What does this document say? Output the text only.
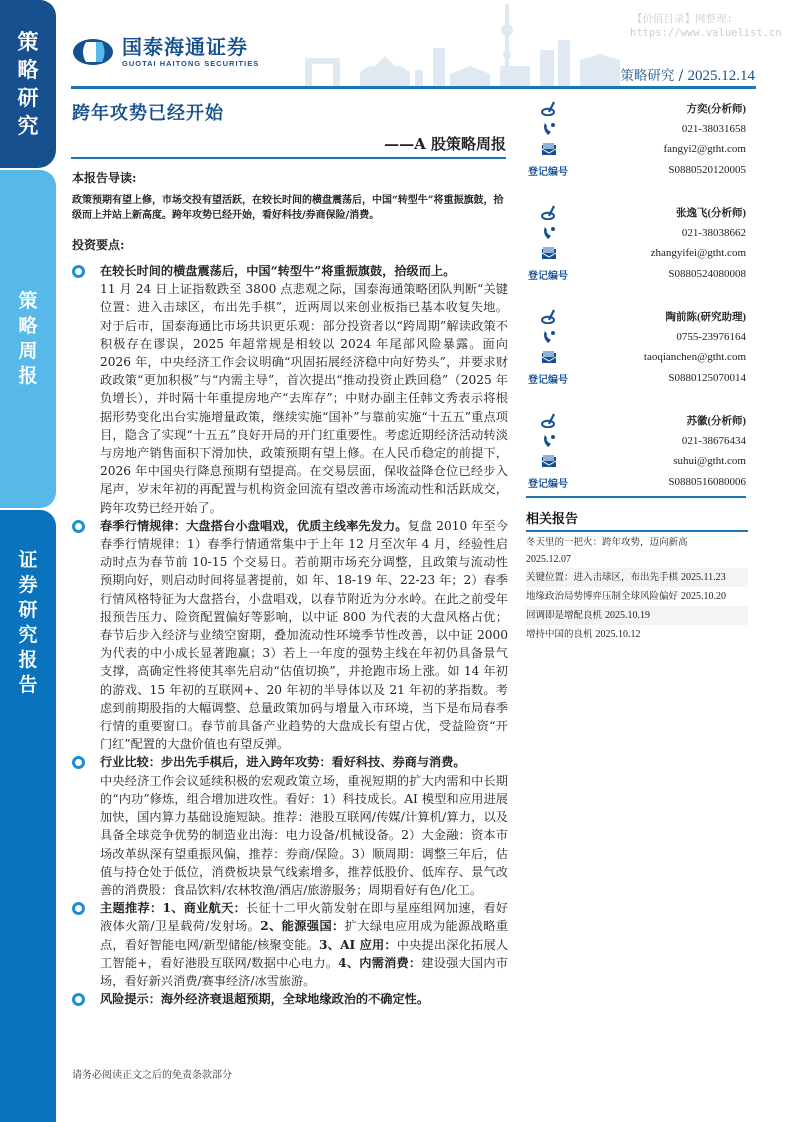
策
略
研
究
策
略
周
报
证
券
研
究
报
告
【价值目录】网整理:
https://www.valuelist.cn
国泰海通证券
GUOTAI HAITONG SECURITIES
策略研究 / 2025.12.14
跨年攻势已经开始
——A 股策略周报
本报告导读:
政策预期有望上修，市场交投有望活跃，在较长时间的横盘震荡后，中国“转型牛”将重振旗鼓，拾级而上并站上新高度。跨年攻势已经开始，看好科技/券商保险/消费。
投资要点:
在较长时间的横盘震荡后，中国“转型牛”将重振旗鼓，拾级而上。
11 月 24 日上证指数跌至 3800 点悲观之际，国泰海通策略团队判断“关键位置：进入击球区，布出先手棋”，近两周以来创业板指已基本收复失地。对于后市，国泰海通比市场共识更乐观：部分投资者以“跨周期”解读政策不积极存在谬误，2025 年超常规是相较以 2024 年尾部风险暴露。面向 2026 年，中央经济工作会议明确“巩固拓展经济稳中向好势头”，并要求财政政策“更加积极”与“内需主导”，首次提出“推动投资止跌回稳”（2025 年负增长），并时隔十年重提房地产“去库存”；中财办副主任韩文秀表示将根据形势变化出台实施增量政策，继续实施“国补”与靠前实施“十五五”重点项目，隐含了实现“十五五”良好开局的开门红重要性。考虑近期经济活动转淡与房地产销售面积下滑加快，政策预期有望上修。在人民币稳定的前提下，2026 年中国央行降息预期有望提高。在交易层面，保收益降仓位已经步入尾声，岁末年初的再配置与机构资金回流有望改善市场流动性和活跃成交，跨年攻势已经开始了。
春季行情规律：大盘搭台小盘唱戏，优质主线率先发力。复盘 2010 年至今春季行情规律：1）春季行情通常集中于上年 12 月至次年 4 月，经验性启动时点为春节前 10-15 个交易日。若前期市场充分调整，且政策与流动性预期向好，则启动时间将显著提前，如 年、18-19 年、22-23 年；2）春季行情风格特征为大盘搭台，小盘唱戏，以春节附近为分水岭。在此之前受年报预告压力、险资配置偏好等影响，以中证 800 为代表的大盘风格占优；春节后步入经济与业绩空窗期，叠加流动性环境季节性改善，以中证 2000 为代表的中小成长显著跑赢；3）若上一年度的强势主线在年初仍具备景气支撑，高确定性将使其率先启动“估值切换”，并抢跑市场上涨。如 14 年初的游戏、15 年初的互联网+、20 年初的半导体以及 21 年初的茅指数。考虑到前期股指的大幅调整、总量政策加码与增量入市环境，当下是布局春季行情的重要窗口。春节前具备产业趋势的大盘成长有望占优，受益险资“开门红”配置的大盘价值也有望反弹。
行业比较：步出先手棋后，进入跨年攻势：看好科技、券商与消费。
中央经济工作会议延续积极的宏观政策立场，重视短期的扩大内需和中长期的“内功”修炼，组合增加进攻性。看好：1）科技成长。AI 模型和应用进展加快，国内算力基础设施短缺。推荐：港股互联网/传媒/计算机/算力，以及具备全球竞争优势的制造业出海：电力设备/机械设备。2）大金融：资本市场改革纵深有望重振风偏，推荐：券商/保险。3）顺周期：调整三年后，估值与持仓处于低位，消费板块景气线索增多，推荐低股价、低库存、景气改善的消费股：食品饮料/农林牧渔/酒店/旅游服务；周期看好有色/化工。
主题推荐：1、商业航天：长征十二甲火箭发射在即与星座组网加速，看好液体火箭/卫星载荷/发射场。2、能源强国：扩大绿电应用成为能源战略重点，看好智能电网/新型储能/核聚变能。3、AI 应用：中央提出深化拓展人工智能+，看好港股互联网/数据中心电力。4、内需消费：建设强大国内市场，看好新兴消费/赛事经济/冰雪旅游。
风险提示：海外经济衰退超预期，全球地缘政治的不确定性。
方奕(分析师)
021-38031658
fangyi2@gtht.com
登记编号	S0880520120005
张逸飞(分析师)
021-38038662
zhangyifei@gtht.com
登记编号	S0880524080008
陶前陈(研究助理)
0755-23976164
taoqianchen@gtht.com
登记编号	S0880125070014
苏徽(分析师)
021-38676434
suhui@gtht.com
登记编号	S0880516080006
相关报告
冬天里的一把火：跨年攻势，迈向新高
2025.12.07
关键位置：进入击球区，布出先手棋 2025.11.23
地缘政治局势博弈压制全球风险偏好 2025.10.20
回调即是增配良机 2025.10.19
增持中国的良机 2025.10.12
请务必阅读正文之后的免责条款部分
